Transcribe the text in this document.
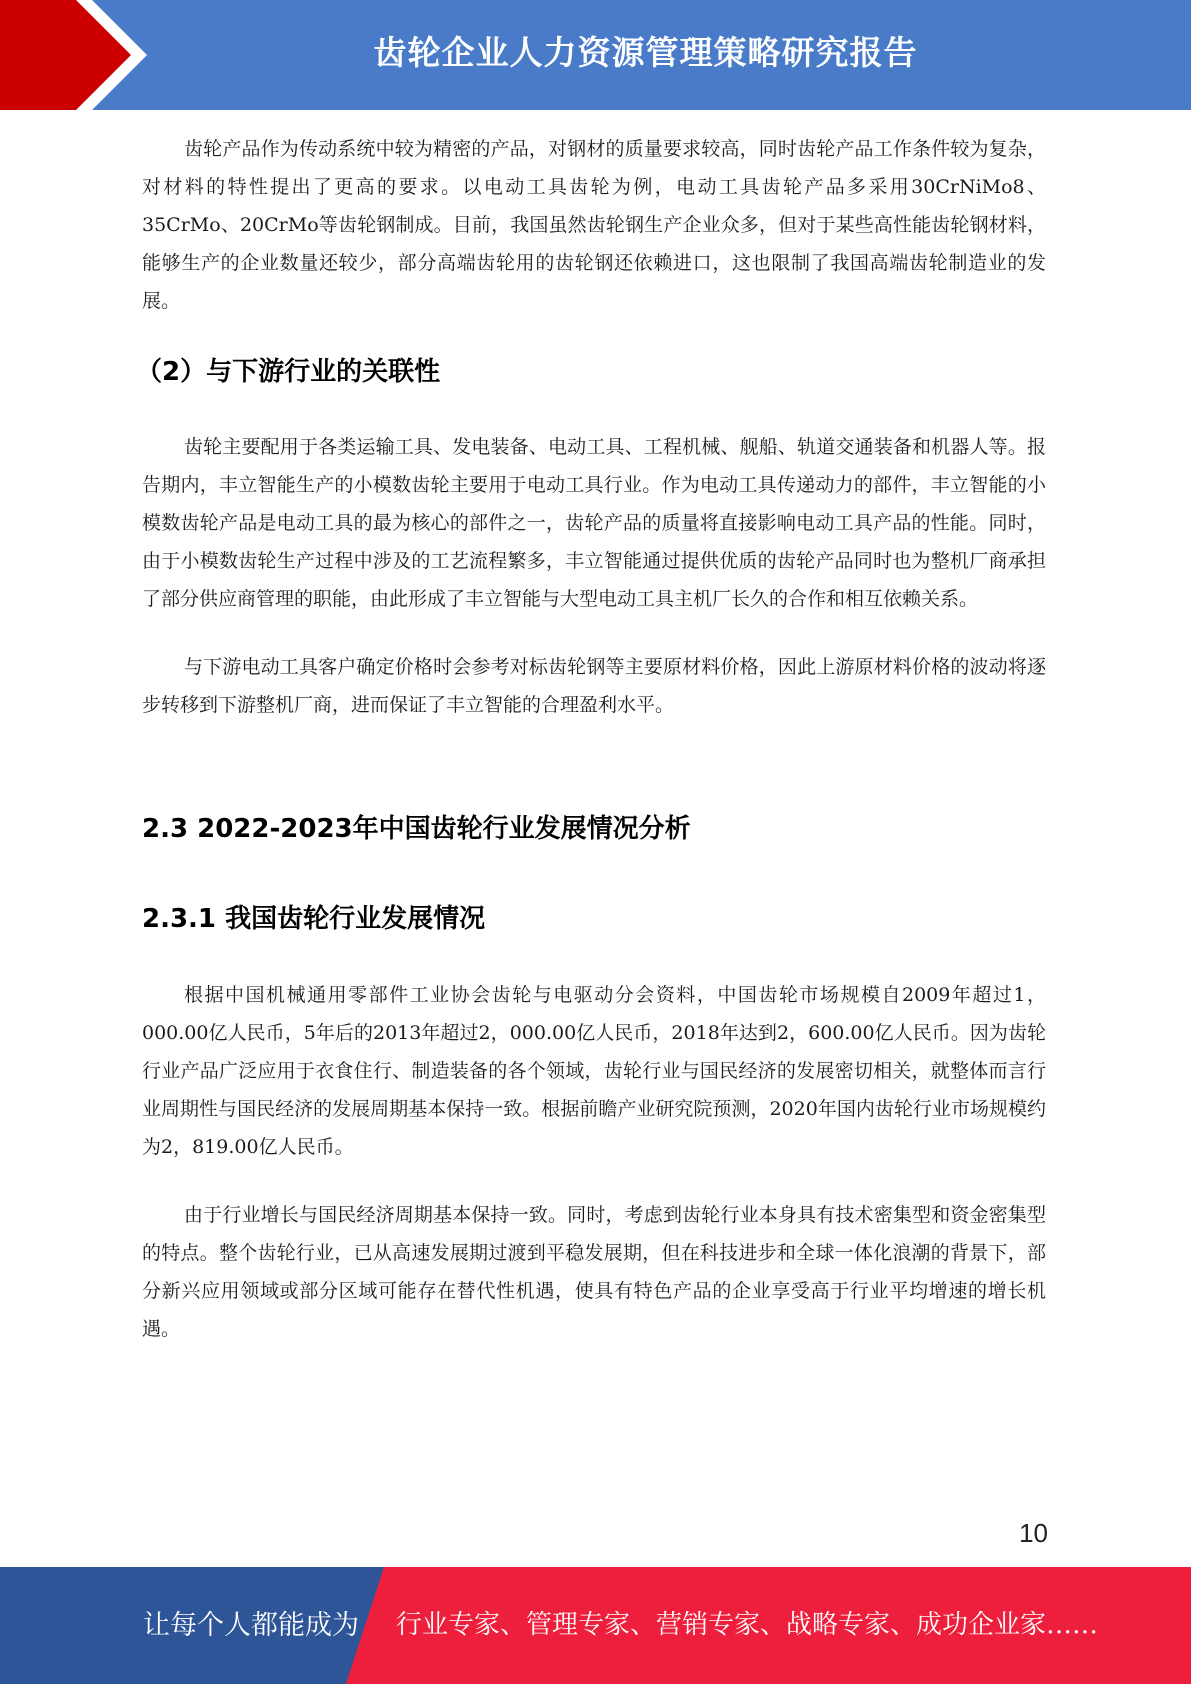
齿轮企业人力资源管理策略研究报告

齿轮产品作为传动系统中较为精密的产品，对钢材的质量要求较高，同时齿轮产品工作条件较为复杂，对材料的特性提出了更高的要求。以电动工具齿轮为例，电动工具齿轮产品多采用30CrNiMo8、35CrMo、20CrMo等齿轮钢制成。目前，我国虽然齿轮钢生产企业众多，但对于某些高性能齿轮钢材料，能够生产的企业数量还较少，部分高端齿轮用的齿轮钢还依赖进口，这也限制了我国高端齿轮制造业的发展。

（2）与下游行业的关联性

齿轮主要配用于各类运输工具、发电装备、电动工具、工程机械、舰船、轨道交通装备和机器人等。报告期内，丰立智能生产的小模数齿轮主要用于电动工具行业。作为电动工具传递动力的部件，丰立智能的小模数齿轮产品是电动工具的最为核心的部件之一，齿轮产品的质量将直接影响电动工具产品的性能。同时，由于小模数齿轮生产过程中涉及的工艺流程繁多，丰立智能通过提供优质的齿轮产品同时也为整机厂商承担了部分供应商管理的职能，由此形成了丰立智能与大型电动工具主机厂长久的合作和相互依赖关系。

与下游电动工具客户确定价格时会参考对标齿轮钢等主要原材料价格，因此上游原材料价格的波动将逐步转移到下游整机厂商，进而保证了丰立智能的合理盈利水平。

2.3 2022-2023年中国齿轮行业发展情况分析

2.3.1 我国齿轮行业发展情况

根据中国机械通用零部件工业协会齿轮与电驱动分会资料，中国齿轮市场规模自2009年超过1，000.00亿人民币，5年后的2013年超过2，000.00亿人民币，2018年达到2，600.00亿人民币。因为齿轮行业产品广泛应用于衣食住行、制造装备的各个领域，齿轮行业与国民经济的发展密切相关，就整体而言行业周期性与国民经济的发展周期基本保持一致。根据前瞻产业研究院预测，2020年国内齿轮行业市场规模约为2，819.00亿人民币。

由于行业增长与国民经济周期基本保持一致。同时，考虑到齿轮行业本身具有技术密集型和资金密集型的特点。整个齿轮行业，已从高速发展期过渡到平稳发展期，但在科技进步和全球一体化浪潮的背景下，部分新兴应用领域或部分区域可能存在替代性机遇，使具有特色产品的企业享受高于行业平均增速的增长机遇。

10
让每个人都能成为 行业专家、管理专家、营销专家、战略专家、成功企业家……
